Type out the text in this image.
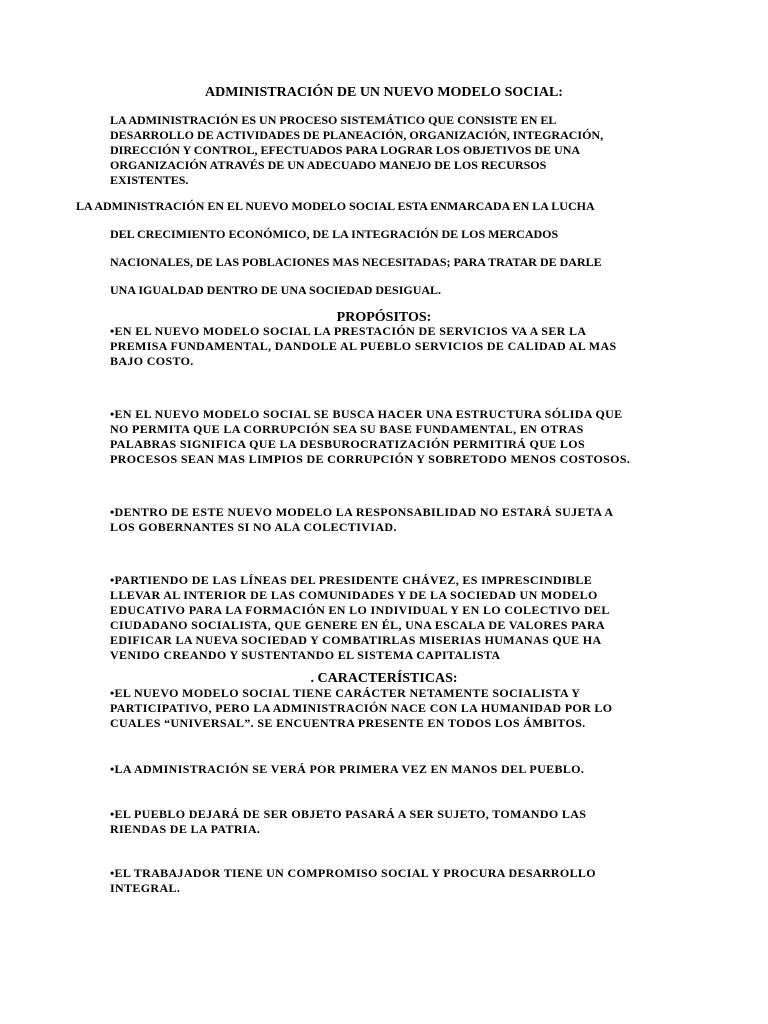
ADMINISTRACIÓN DE UN NUEVO MODELO SOCIAL:
LA ADMINISTRACIÓN ES UN PROCESO SISTEMÁTICO QUE CONSISTE EN EL
DESARROLLO DE ACTIVIDADES DE PLANEACIÓN, ORGANIZACIÓN, INTEGRACIÓN,
DIRECCIÓN Y CONTROL, EFECTUADOS PARA LOGRAR LOS OBJETIVOS DE UNA
ORGANIZACIÓN ATRAVÉS DE UN ADECUADO MANEJO DE LOS RECURSOS
EXISTENTES.

LA ADMINISTRACIÓN EN EL NUEVO MODELO SOCIAL ESTA ENMARCADA EN LA LUCHA

DEL CRECIMIENTO ECONÓMICO, DE LA INTEGRACIÓN DE LOS MERCADOS

NACIONALES, DE LAS POBLACIONES MAS NECESITADAS; PARA TRATAR DE DARLE

UNA IGUALDAD DENTRO DE UNA SOCIEDAD DESIGUAL.

PROPÓSITOS:
•EN EL NUEVO MODELO SOCIAL LA PRESTACIÓN DE SERVICIOS VA A SER LA
PREMISA FUNDAMENTAL, DANDOLE AL PUEBLO SERVICIOS DE CALIDAD AL MAS
BAJO COSTO.
•EN EL NUEVO MODELO SOCIAL SE BUSCA HACER UNA ESTRUCTURA SÓLIDA QUE
NO PERMITA QUE LA CORRUPCIÓN SEA SU BASE FUNDAMENTAL, EN OTRAS
PALABRAS SIGNIFICA QUE LA DESBUROCRATIZACIÓN PERMITIRÁ QUE LOS
PROCESOS SEAN MAS LIMPIOS DE CORRUPCIÓN Y SOBRETODO MENOS COSTOSOS.
•DENTRO DE ESTE NUEVO MODELO LA RESPONSABILIDAD NO ESTARÁ SUJETA A
LOS GOBERNANTES SI NO ALA COLECTIVIAD.
•PARTIENDO DE LAS LÍNEAS DEL PRESIDENTE CHÁVEZ, ES IMPRESCINDIBLE
LLEVAR AL INTERIOR DE LAS COMUNIDADES Y DE LA SOCIEDAD UN MODELO
EDUCATIVO PARA LA FORMACIÓN EN LO INDIVIDUAL Y EN LO COLECTIVO DEL
CIUDADANO SOCIALISTA, QUE GENERE EN ÉL, UNA ESCALA DE VALORES PARA
EDIFICAR LA NUEVA SOCIEDAD Y COMBATIRLAS MISERIAS HUMANAS QUE HA
VENIDO CREANDO Y SUSTENTANDO EL SISTEMA CAPITALISTA
. CARACTERÍSTICAS:
•EL NUEVO MODELO SOCIAL TIENE CARÁCTER NETAMENTE SOCIALISTA Y
PARTICIPATIVO, PERO LA ADMINISTRACIÓN NACE CON LA HUMANIDAD POR LO
CUALES “UNIVERSAL”. SE ENCUENTRA PRESENTE EN TODOS LOS ÁMBITOS.
•LA ADMINISTRACIÓN SE VERÁ POR PRIMERA VEZ EN MANOS DEL PUEBLO.
•EL PUEBLO DEJARÁ DE SER OBJETO PASARÁ A SER SUJETO, TOMANDO LAS
RIENDAS DE LA PATRIA.
•EL TRABAJADOR TIENE UN COMPROMISO SOCIAL Y PROCURA DESARROLLO
INTEGRAL.
